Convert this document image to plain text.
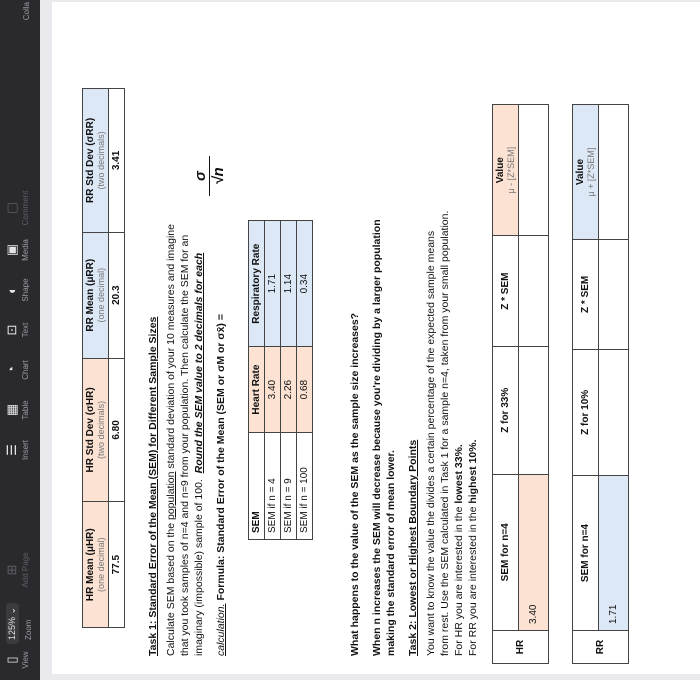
▯ View
125% ⌄ Zoom
⊞ Add Page
☰ Insert
▦ Table
◔ Chart
⊡ Text
◐ Shape
▣ Media
▢ Comment
Colla
HR Mean (μHR) (one decimal)	HR Std Dev (σHR) (two decimals)	RR Mean (μRR) (one decimal)	RR Std Dev (σRR) (two decimals)

77.5	6.80	20.3	3.41
Task 1: Standard Error of the Mean (SEM) for Different Sample Sizes Calculate SEM based on the population standard deviation of your 10 measures and imagine that you took samples of n=4 and n=9 from your population. Then calculate the SEM for an imaginary (impossible) sample of 100.  Round the SEM value to 2 decimals for each
calculation. Formula: Standard Error of the Mean (SEM or σM or σx̄) =
σ √n
SEM	Heart Rate	Respiratory Rate
SEM if n = 4	3.40	1.71
SEM if n = 9	2.26	1.14
SEM if n = 100	0.68	0.34
What happens to the value of the SEM as the sample size increases? When n increases the SEM will decrease because you're dividing by a larger population making the standard error of mean lower. Task 2: Lowest or Highest Boundary Points You want to know the value the divides a certain percentage of the expected sample means from rest. Use the SEM calculated in Task 1 for a sample n=4, taken from your small population. For HR you are interested in the lowest 33%.
For RR you are interested in the highest 10%.
HR	SEM for n=4	Z for 33%	Z * SEM	Value μ - [Z*SEM]

	3.40			
RR	SEM for n=4	Z for 10%	Z * SEM	Value μ + [Z*SEM]

	1.71			
